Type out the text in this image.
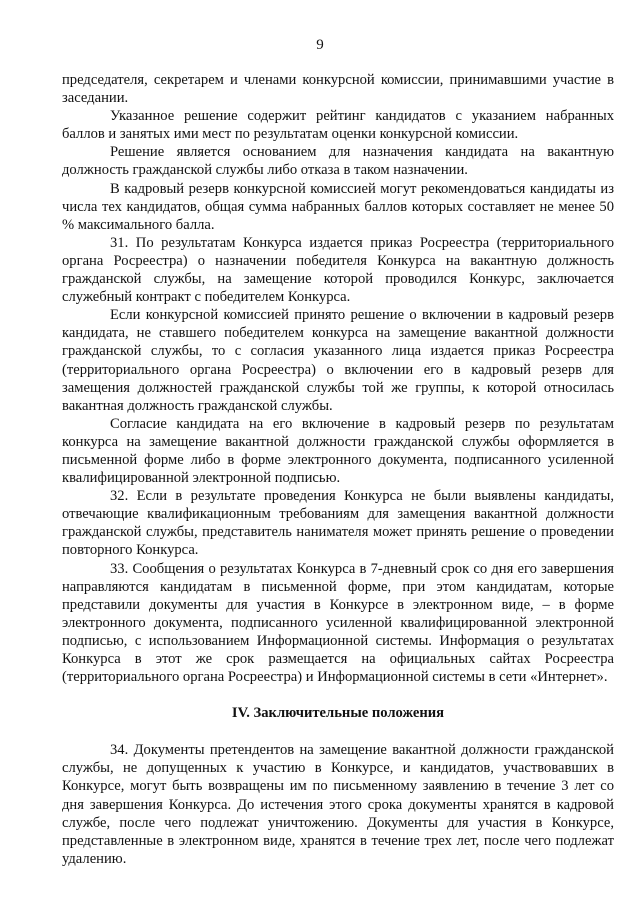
9

председателя, секретарем и членами конкурсной комиссии, принимавшими участие в заседании.

Указанное решение содержит рейтинг кандидатов с указанием набранных баллов и занятых ими мест по результатам оценки конкурсной комиссии.

Решение является основанием для назначения кандидата на вакантную должность гражданской службы либо отказа в таком назначении.

В кадровый резерв конкурсной комиссией могут рекомендоваться кандидаты из числа тех кандидатов, общая сумма набранных баллов которых составляет не менее 50 % максимального балла.

31. По результатам Конкурса издается приказ Росреестра (территориального органа Росреестра) о назначении победителя Конкурса на вакантную должность гражданской службы, на замещение которой проводился Конкурс, заключается служебный контракт с победителем Конкурса.

Если конкурсной комиссией принято решение о включении в кадровый резерв кандидата, не ставшего победителем конкурса на замещение вакантной должности гражданской службы, то с согласия указанного лица издается приказ Росреестра (территориального органа Росреестра) о включении его в кадровый резерв для замещения должностей гражданской службы той же группы, к которой относилась вакантная должность гражданской службы.

Согласие кандидата на его включение в кадровый резерв по результатам конкурса на замещение вакантной должности гражданской службы оформляется в письменной форме либо в форме электронного документа, подписанного усиленной квалифицированной электронной подписью.

32. Если в результате проведения Конкурса не были выявлены кандидаты, отвечающие квалификационным требованиям для замещения вакантной должности гражданской службы, представитель нанимателя может принять решение о проведении повторного Конкурса.

33. Сообщения о результатах Конкурса в 7-дневный срок со дня его завершения направляются кандидатам в письменной форме, при этом кандидатам, которые представили документы для участия в Конкурсе в электронном виде, – в форме электронного документа, подписанного усиленной квалифицированной электронной подписью, с использованием Информационной системы. Информация о результатах Конкурса в этот же срок размещается на официальных сайтах Росреестра (территориального органа Росреестра) и Информационной системы в сети «Интернет».

IV. Заключительные положения

34. Документы претендентов на замещение вакантной должности гражданской службы, не допущенных к участию в Конкурсе, и кандидатов, участвовавших в Конкурсе, могут быть возвращены им по письменному заявлению в течение 3 лет со дня завершения Конкурса. До истечения этого срока документы хранятся в кадровой службе, после чего подлежат уничтожению. Документы для участия в Конкурсе, представленные в электронном виде, хранятся в течение трех лет, после чего подлежат удалению.
